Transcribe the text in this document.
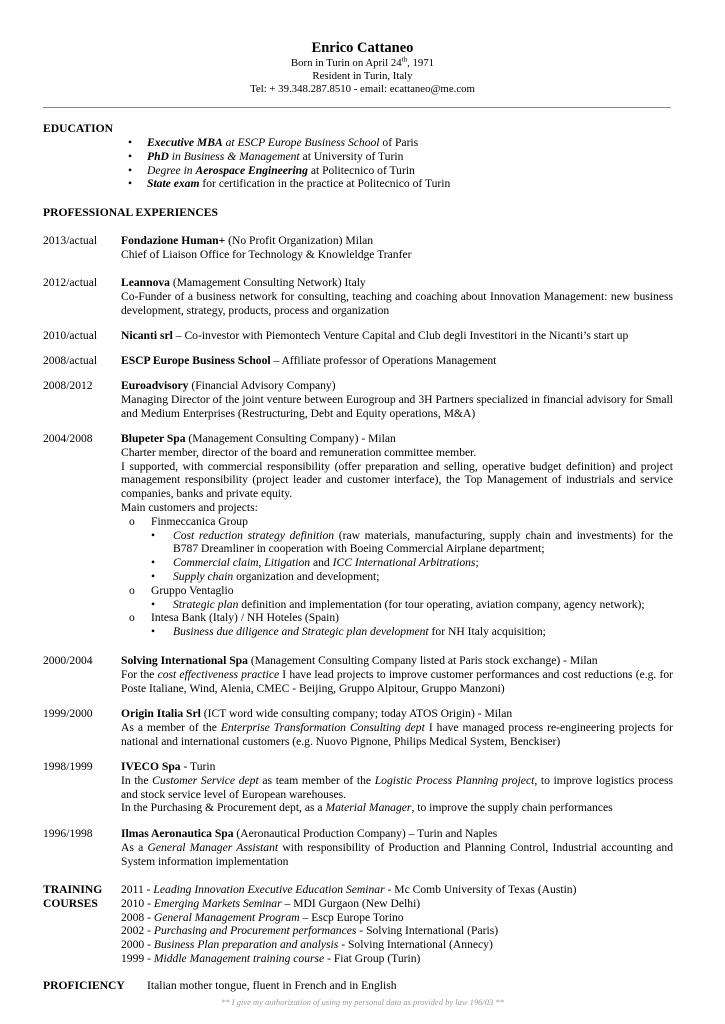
Enrico Cattaneo
Born in Turin on April 24th, 1971
Resident in Turin, Italy
Tel: + 39.348.287.8510 - email: ecattaneo@me.com
EDUCATION
• Executive MBA at ESCP Europe Business School of Paris
• PhD in Business & Management at University of Turin
• Degree in Aerospace Engineering at Politecnico of Turin
• State exam for certification in the practice at Politecnico of Turin
PROFESSIONAL EXPERIENCES
2013/actual	Fondazione Human+ (No Profit Organization) Milan
Chief of Liaison Office for Technology & Knowleldge Tranfer
2012/actual	Leannova (Mamagement Consulting Network) Italy
Co-Funder of a business network for consulting, teaching and coaching about Innovation Management: new business development, strategy, products, process and organization
2010/actual	Nicanti srl – Co-investor with Piemontech Venture Capital and Club degli Investitori in the Nicanti’s start up
2008/actual	ESCP Europe Business School – Affiliate professor of Operations Management
2008/2012	Euroadvisory (Financial Advisory Company)
Managing Director of the joint venture between Eurogroup and 3H Partners specialized in financial advisory for Small and Medium Enterprises (Restructuring, Debt and Equity operations, M&A)
2004/2008	Blupeter Spa (Management Consulting Company) - Milan
Charter member, director of the board and remuneration committee member.
I supported, with commercial responsibility (offer preparation and selling, operative budget definition) and project management responsibility (project leader and customer interface), the Top Management of industrials and service companies, banks and private equity.
Main customers and projects:
o Finmeccanica Group
• Cost reduction strategy definition (raw materials, manufacturing, supply chain and investments) for the B787 Dreamliner in cooperation with Boeing Commercial Airplane department;
• Commercial claim, Litigation and ICC International Arbitrations;
• Supply chain organization and development;
o Gruppo Ventaglio
• Strategic plan definition and implementation (for tour operating, aviation company, agency network);
o Intesa Bank (Italy) / NH Hoteles (Spain)
• Business due diligence and Strategic plan development for NH Italy acquisition;
2000/2004	Solving International Spa (Management Consulting Company listed at Paris stock exchange) - Milan
For the cost effectiveness practice I have lead projects to improve customer performances and cost reductions (e.g. for Poste Italiane, Wind, Alenia, CMEC - Beijing, Gruppo Alpitour, Gruppo Manzoni)
1999/2000	Origin Italia Srl (ICT word wide consulting company; today ATOS Origin) - Milan
As a member of the Enterprise Transformation Consulting dept I have managed process re-engineering projects for national and international customers (e.g. Nuovo Pignone, Philips Medical System, Benckiser)
1998/1999	IVECO Spa - Turin
In the Customer Service dept as team member of the Logistic Process Planning project, to improve logistics process and stock service level of European warehouses.
In the Purchasing & Procurement dept, as a Material Manager, to improve the supply chain performances
1996/1998	Ilmas Aeronautica Spa (Aeronautical Production Company) – Turin and Naples
As a General Manager Assistant with responsibility of Production and Planning Control, Industrial accounting and System information implementation
TRAINING
COURSES
2011 - Leading Innovation Executive Education Seminar - Mc Comb University of Texas (Austin)
2010 - Emerging Markets Seminar – MDI Gurgaon (New Delhi)
2008 - General Management Program – Escp Europe Torino
2002 - Purchasing and Procurement performances - Solving International (Paris)
2000 - Business Plan preparation and analysis - Solving International (Annecy)
1999 - Middle Management training course - Fiat Group (Turin)
PROFICIENCY Italian mother tongue, fluent in French and in English
** I give my authorization of using my personal data as provided by law 196/03 **
